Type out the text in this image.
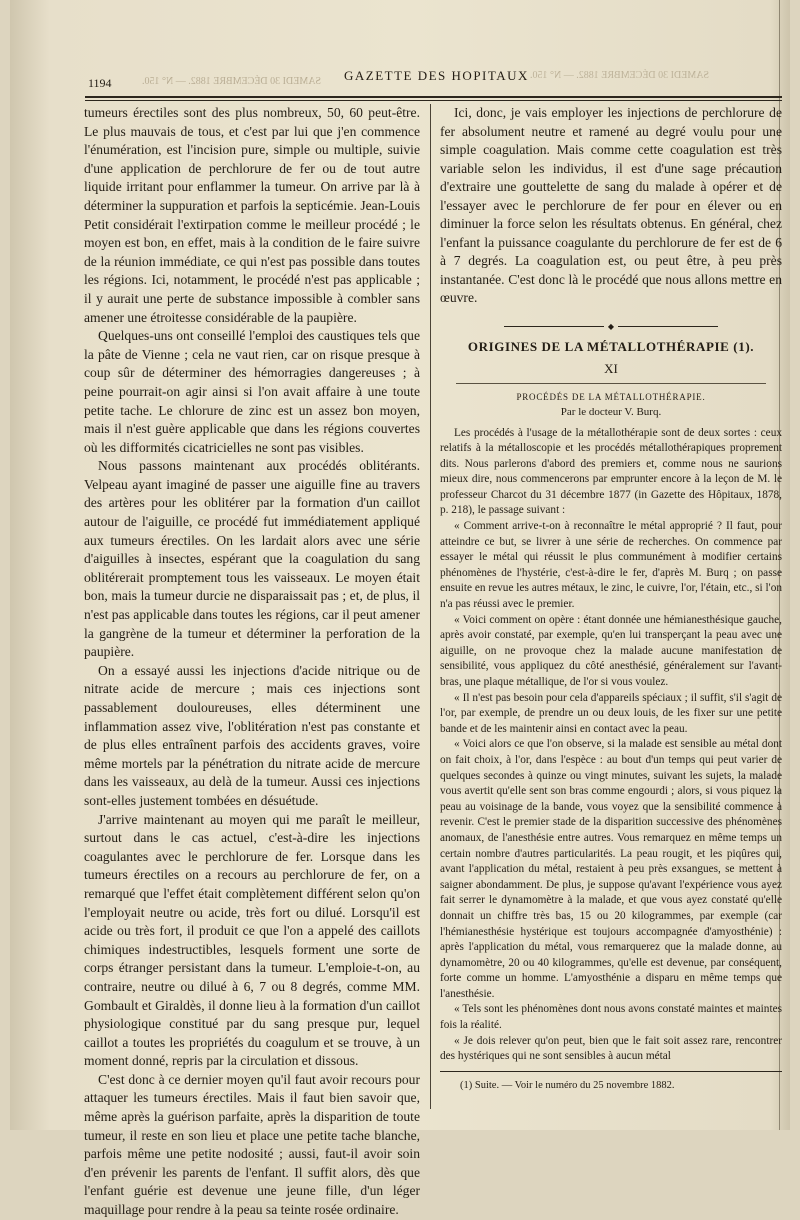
SAMEDI 30 DÉCEMBRE 1882. — N° 150.
1194	GAZETTE DES HOPITAUX SAMEDI 30 DÉCEMBRE 1882. — N° 150.

tumeurs érectiles sont des plus nombreux, 50, 60 peut-être. Le plus mauvais de tous, et c'est par lui que j'en commence l'énumération, est l'incision pure, simple ou multiple, suivie d'une application de perchlorure de fer ou de tout autre liquide irritant pour enflammer la tumeur. On arrive par là à déterminer la suppuration et parfois la septicémie. Jean-Louis Petit considérait l'extirpation comme le meilleur procédé ; le moyen est bon, en effet, mais à la condition de le faire suivre de la réunion immédiate, ce qui n'est pas possible dans toutes les régions. Ici, notamment, le procédé n'est pas applicable ; il y aurait une perte de substance impossible à combler sans amener une étroitesse considérable de la paupière.

Quelques-uns ont conseillé l'emploi des caustiques tels que la pâte de Vienne ; cela ne vaut rien, car on risque presque à coup sûr de déterminer des hémorragies dangereuses ; à peine pourrait-on agir ainsi si l'on avait affaire à une toute petite tache. Le chlorure de zinc est un assez bon moyen, mais il n'est guère applicable que dans les régions couvertes où les difformités cicatricielles ne sont pas visibles.

Nous passons maintenant aux procédés oblitérants. Velpeau ayant imaginé de passer une aiguille fine au travers des artères pour les oblitérer par la formation d'un caillot autour de l'aiguille, ce procédé fut immédiatement appliqué aux tumeurs érectiles. On les lardait alors avec une série d'aiguilles à insectes, espérant que la coagulation du sang oblitérerait promptement tous les vaisseaux. Le moyen était bon, mais la tumeur durcie ne disparaissait pas ; et, de plus, il n'est pas applicable dans toutes les régions, car il peut amener la gangrène de la tumeur et déterminer la perforation de la paupière.

On a essayé aussi les injections d'acide nitrique ou de nitrate acide de mercure ; mais ces injections sont passablement douloureuses, elles déterminent une inflammation assez vive, l'oblitération n'est pas constante et de plus elles entraînent parfois des accidents graves, voire même mortels par la pénétration du nitrate acide de mercure dans les vaisseaux, au delà de la tumeur. Aussi ces injections sont-elles justement tombées en désuétude.

J'arrive maintenant au moyen qui me paraît le meilleur, surtout dans le cas actuel, c'est-à-dire les injections coagulantes avec le perchlorure de fer. Lorsque dans les tumeurs érectiles on a recours au perchlorure de fer, on a remarqué que l'effet était complètement différent selon qu'on l'employait neutre ou acide, très fort ou dilué. Lorsqu'il est acide ou très fort, il produit ce que l'on a appelé des caillots chimiques indestructibles, lesquels forment une sorte de corps étranger persistant dans la tumeur. L'emploie-t-on, au contraire, neutre ou dilué à 6, 7 ou 8 degrés, comme MM. Gombault et Giraldès, il donne lieu à la formation d'un caillot physiologique constitué par du sang presque pur, lequel caillot a toutes les propriétés du coagulum et se trouve, à un moment donné, repris par la circulation et dissous.

C'est donc à ce dernier moyen qu'il faut avoir recours pour attaquer les tumeurs érectiles. Mais il faut bien savoir que, même après la guérison parfaite, après la disparition de toute tumeur, il reste en son lieu et place une petite tache blanche, parfois même une petite nodosité ; aussi, faut-il avoir soin d'en prévenir les parents de l'enfant. Il suffit alors, dès que l'enfant guérie est devenue une jeune fille, d'un léger maquillage pour rendre à la peau sa teinte rosée ordinaire.

Ici, donc, je vais employer les injections de perchlorure de fer absolument neutre et ramené au degré voulu pour une simple coagulation. Mais comme cette coagulation est très variable selon les individus, il est d'une sage précaution d'extraire une gouttelette de sang du malade à opérer et de l'essayer avec le perchlorure de fer pour en élever ou en diminuer la force selon les résultats obtenus. En général, chez l'enfant la puissance coagulante du perchlorure de fer est de 6 à 7 degrés. La coagulation est, ou peut être, à peu près instantanée. C'est donc là le procédé que nous allons mettre en œuvre.

◆
ORIGINES DE LA MÉTALLOTHÉRAPIE (1).
XI
PROCÉDÉS DE LA MÉTALLOTHÉRAPIE.
Par le docteur V. Burq.

Les procédés à l'usage de la métallothérapie sont de deux sortes : ceux relatifs à la métalloscopie et les procédés métallothérapiques proprement dits. Nous parlerons d'abord des premiers et, comme nous ne saurions mieux dire, nous commencerons par emprunter encore à la leçon de M. le professeur Charcot du 31 décembre 1877 (in Gazette des Hôpitaux, 1878, p. 218), le passage suivant :

« Comment arrive-t-on à reconnaître le métal approprié ? Il faut, pour atteindre ce but, se livrer à une série de recherches. On commence par essayer le métal qui réussit le plus communément à modifier certains phénomènes de l'hystérie, c'est-à-dire le fer, d'après M. Burq ; on passe ensuite en revue les autres métaux, le zinc, le cuivre, l'or, l'étain, etc., si l'on n'a pas réussi avec le premier.

« Voici comment on opère : étant donnée une hémianesthésique gauche, après avoir constaté, par exemple, qu'en lui transperçant la peau avec une aiguille, on ne provoque chez la malade aucune manifestation de sensibilité, vous appliquez du côté anesthésié, généralement sur l'avant-bras, une plaque métallique, de l'or si vous voulez.

« Il n'est pas besoin pour cela d'appareils spéciaux ; il suffit, s'il s'agit de l'or, par exemple, de prendre un ou deux louis, de les fixer sur une petite bande et de les maintenir ainsi en contact avec la peau.

« Voici alors ce que l'on observe, si la malade est sensible au métal dont on fait choix, à l'or, dans l'espèce : au bout d'un temps qui peut varier de quelques secondes à quinze ou vingt minutes, suivant les sujets, la malade vous avertit qu'elle sent son bras comme engourdi ; alors, si vous piquez la peau au voisinage de la bande, vous voyez que la sensibilité commence à revenir. C'est le premier stade de la disparition successive des phénomènes anomaux, de l'anesthésie entre autres. Vous remarquez en même temps un certain nombre d'autres particularités. La peau rougit, et les piqûres qui, avant l'application du métal, restaient à peu près exsangues, se mettent à saigner abondamment. De plus, je suppose qu'avant l'expérience vous ayez fait serrer le dynamomètre à la malade, et que vous ayez constaté qu'elle donnait un chiffre très bas, 15 ou 20 kilogrammes, par exemple (car l'hémianesthésie hystérique est toujours accompagnée d'amyosthénie) : après l'application du métal, vous remarquerez que la malade donne, au dynamomètre, 20 ou 40 kilogrammes, qu'elle est devenue, par conséquent, forte comme un homme. L'amyosthénie a disparu en même temps que l'anesthésie.

« Tels sont les phénomènes dont nous avons constaté maintes et maintes fois la réalité.

« Je dois relever qu'on peut, bien que le fait soit assez rare, rencontrer des hystériques qui ne sont sensibles à aucun métal

(1) Suite. — Voir le numéro du 25 novembre 1882.
